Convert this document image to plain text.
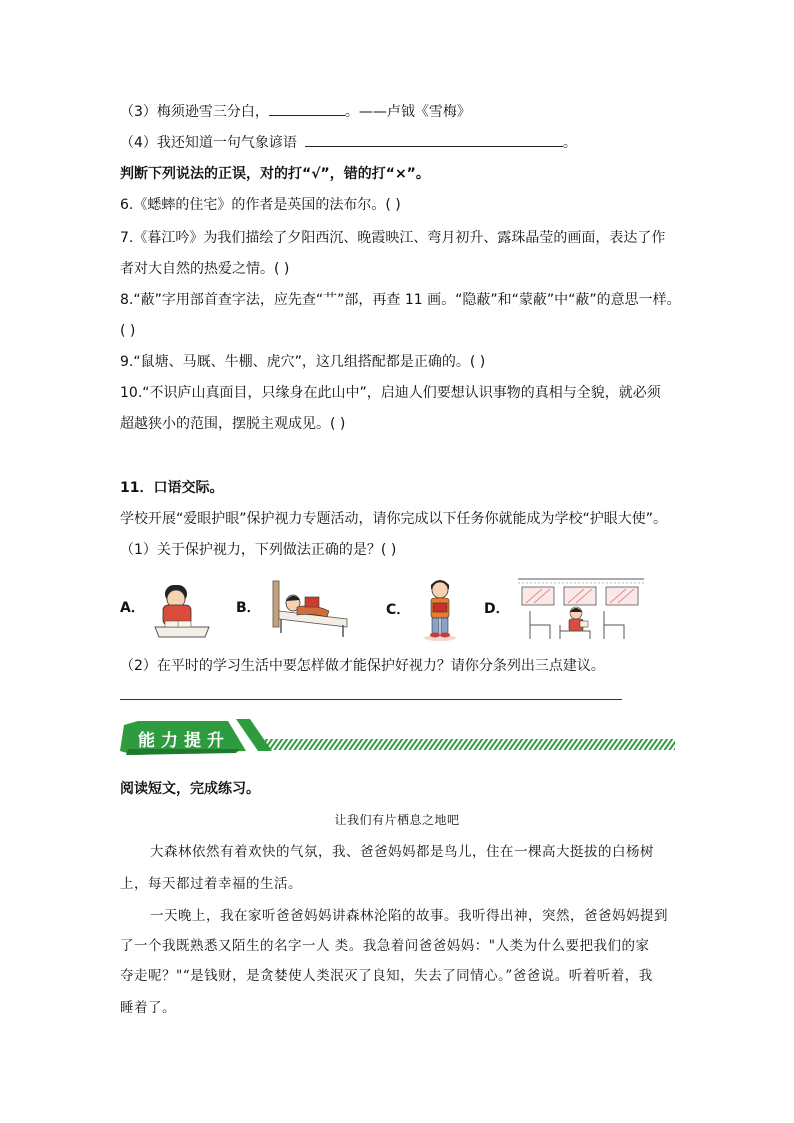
（3）梅须逊雪三分白，	。——卢钺《雪梅》
（4）我还知道一句气象谚语	。
判断下列说法的正误，对的打“√”，错的打“×”。
6.《蟋蟀的住宅》的作者是英国的法布尔。( )
7.《暮江吟》为我们描绘了夕阳西沉、晚霞映江、弯月初升、露珠晶莹的画面，表达了作
者对大自然的热爱之情。( )
8.“蔽”字用部首查字法，应先查“艹”部，再查 11 画。“隐蔽”和“蒙蔽”中“蔽”的意思一样。
( )
9.“鼠塘、马厩、牛棚、虎穴”，这几组搭配都是正确的。( )
10.“不识庐山真面目，只缘身在此山中”，启迪人们要想认识事物的真相与全貌，就必须
超越狭小的范围，摆脱主观成见。( )
11．口语交际。
学校开展“爱眼护眼”保护视力专题活动，请你完成以下任务你就能成为学校“护眼大使”。
（1）关于保护视力，下列做法正确的是？( )
A．	B．	C．	D．
（2）在平时的学习生活中要怎样做才能保护好视力？请你分条列出三点建议。
能力提升
阅读短文，完成练习。
让我们有片栖息之地吧
大森林依然有着欢快的气氛，我、爸爸妈妈都是鸟儿，住在一棵高大挺拔的白杨树
上，每天都过着幸福的生活。
一天晚上，我在家听爸爸妈妈讲森林沦陷的故事。我听得出神，突然，爸爸妈妈提到
了一个我既熟悉又陌生的名字一人 类。我急着问爸爸妈妈："人类为什么要把我们的家
夺走呢？"“是钱财，是贪婪使人类泯灭了良知，失去了同情心。”爸爸说。听着听着，我
睡着了。
